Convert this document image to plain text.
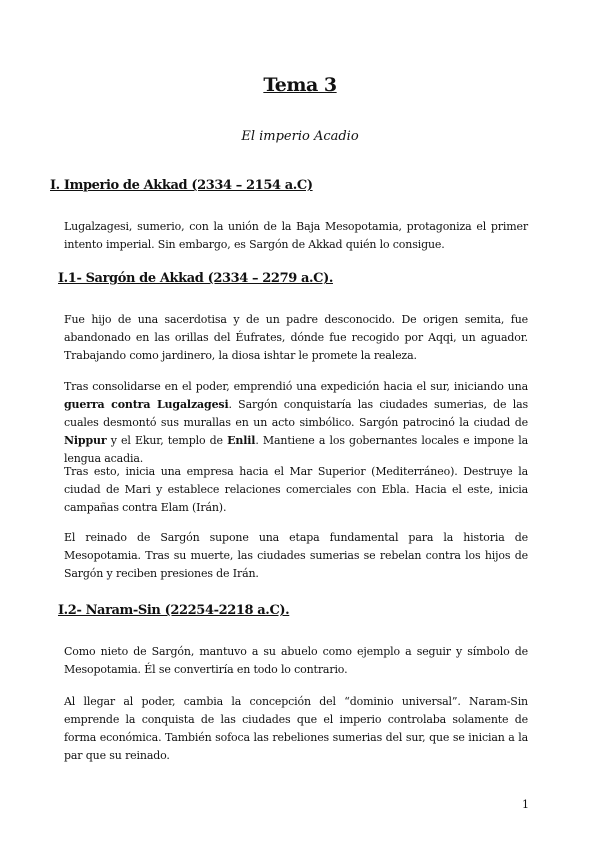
Tema 3
El imperio Acadio
I. Imperio de Akkad (2334 – 2154 a.C)

Lugalzagesi, sumerio, con la unión de la Baja Mesopotamia, protagoniza el primer intento imperial. Sin embargo, es Sargón de Akkad quién lo consigue.

I.1- Sargón de Akkad (2334 – 2279 a.C).

Fue hijo de una sacerdotisa y de un padre desconocido. De origen semita, fue abandonado en las orillas del Éufrates, dónde fue recogido por Aqqi, un aguador. Trabajando como jardinero, la diosa ishtar le promete la realeza.

Tras consolidarse en el poder, emprendió una expedición hacia el sur, iniciando una guerra contra Lugalzagesi. Sargón conquistaría las ciudades sumerias, de las cuales desmontó sus murallas en un acto simbólico. Sargón patrocinó la ciudad de Nippur y el Ekur, templo de Enlil. Mantiene a los gobernantes locales e impone la lengua acadia.

Tras esto, inicia una empresa hacia el Mar Superior (Mediterráneo). Destruye la ciudad de Mari y establece relaciones comerciales con Ebla. Hacia el este, inicia campañas contra Elam (Irán).

El reinado de Sargón supone una etapa fundamental para la historia de Mesopotamia. Tras su muerte, las ciudades sumerias se rebelan contra los hijos de Sargón y reciben presiones de Irán.

I.2- Naram-Sin (22254-2218 a.C).

Como nieto de Sargón, mantuvo a su abuelo como ejemplo a seguir y símbolo de Mesopotamia. Él se convertiría en todo lo contrario.

Al llegar al poder, cambia la concepción del “dominio universal”. Naram-Sin emprende la conquista de las ciudades que el imperio controlaba solamente de forma económica. También sofoca las rebeliones sumerias del sur, que se inician a la par que su reinado.

1
